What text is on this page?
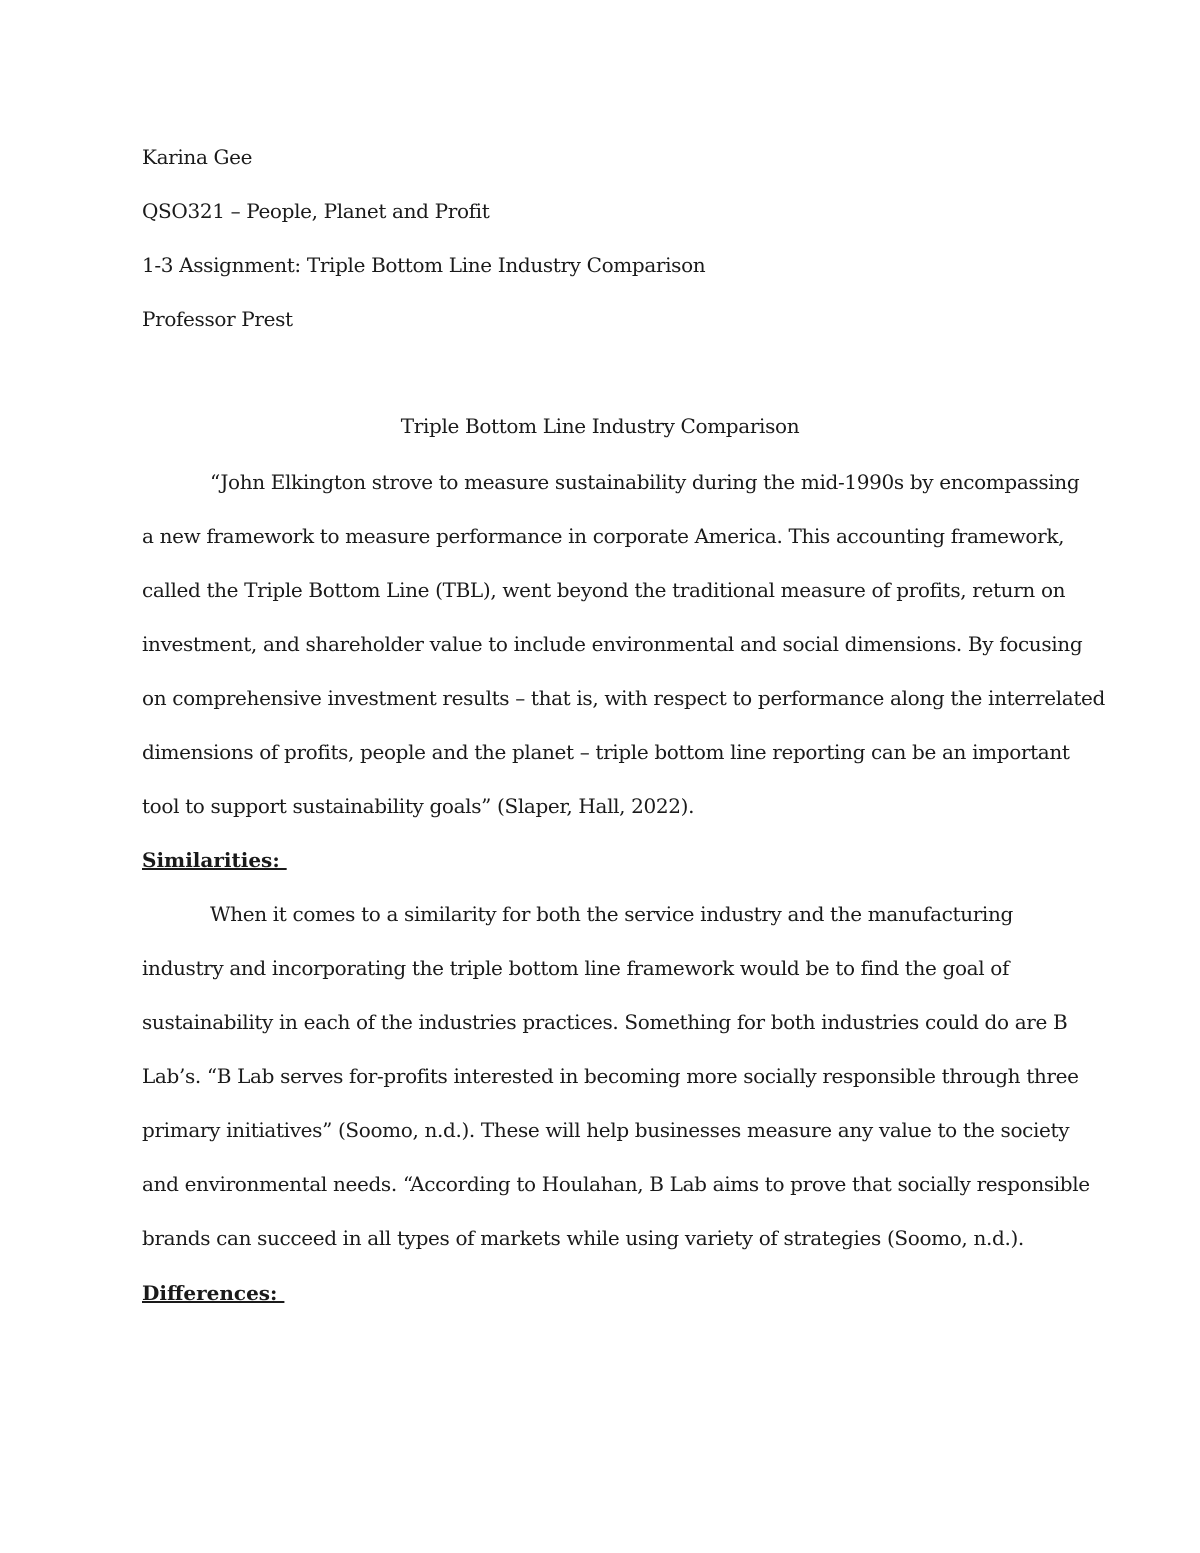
Karina Gee
QSO321 – People, Planet and Profit
1-3 Assignment: Triple Bottom Line Industry Comparison
Professor Prest
Triple Bottom Line Industry Comparison
“John Elkington strove to measure sustainability during the mid-1990s by encompassing
a new framework to measure performance in corporate America. This accounting framework,
called the Triple Bottom Line (TBL), went beyond the traditional measure of profits, return on
investment, and shareholder value to include environmental and social dimensions. By focusing
on comprehensive investment results – that is, with respect to performance along the interrelated
dimensions of profits, people and the planet – triple bottom line reporting can be an important
tool to support sustainability goals” (Slaper, Hall, 2022).
Similarities:
When it comes to a similarity for both the service industry and the manufacturing
industry and incorporating the triple bottom line framework would be to find the goal of
sustainability in each of the industries practices. Something for both industries could do are B
Lab’s. “B Lab serves for-profits interested in becoming more socially responsible through three
primary initiatives” (Soomo, n.d.). These will help businesses measure any value to the society
and environmental needs. “According to Houlahan, B Lab aims to prove that socially responsible
brands can succeed in all types of markets while using variety of strategies (Soomo, n.d.).
Differences:
